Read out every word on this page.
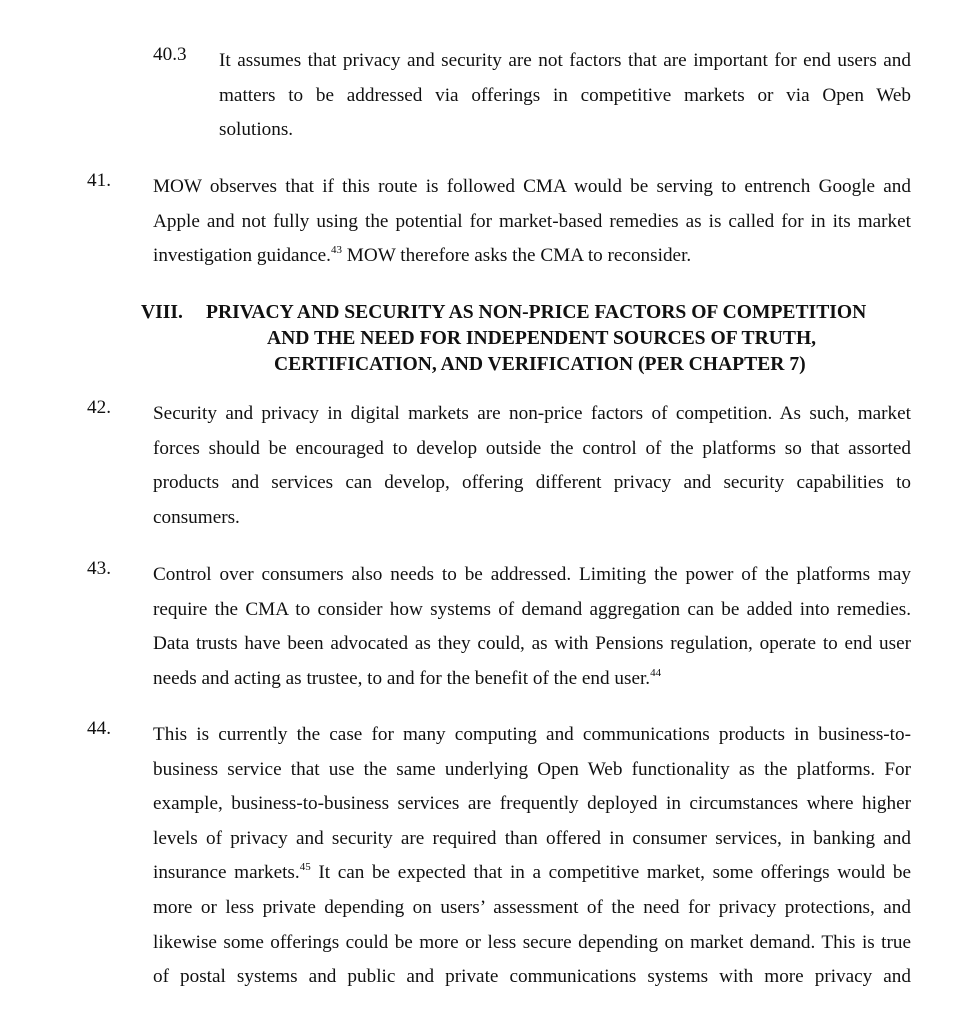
40.3 It assumes that privacy and security are not factors that are important for end users and
matters to be addressed via offerings in competitive markets or via Open Web
solutions.
41. MOW observes that if this route is followed CMA would be serving to entrench Google and
Apple and not fully using the potential for market-based remedies as is called for in its market
investigation guidance.$^{43}$ MOW therefore asks the CMA to reconsider.
VIII. PRIVACY AND SECURITY AS NON-PRICE FACTORS OF COMPETITION
AND THE NEED FOR INDEPENDENT SOURCES OF TRUTH,
CERTIFICATION, AND VERIFICATION (PER CHAPTER 7)
42. Security and privacy in digital markets are non-price factors of competition. As such, market
forces should be encouraged to develop outside the control of the platforms so that assorted
products and services can develop, offering different privacy and security capabilities to
consumers.
43. Control over consumers also needs to be addressed. Limiting the power of the platforms may
require the CMA to consider how systems of demand aggregation can be added into remedies.
Data trusts have been advocated as they could, as with Pensions regulation, operate to end user
needs and acting as trustee, to and for the benefit of the end user.$^{44}$
44. This is currently the case for many computing and communications products in business-to-
business service that use the same underlying Open Web functionality as the platforms. For
example, business-to-business services are frequently deployed in circumstances where higher
levels of privacy and security are required than offered in consumer services, in banking and
insurance markets.$^{45}$ It can be expected that in a competitive market, some offerings would be
more or less private depending on users’ assessment of the need for privacy protections, and
likewise some offerings could be more or less secure depending on market demand. This is true
of postal systems and public and private communications systems with more privacy and
